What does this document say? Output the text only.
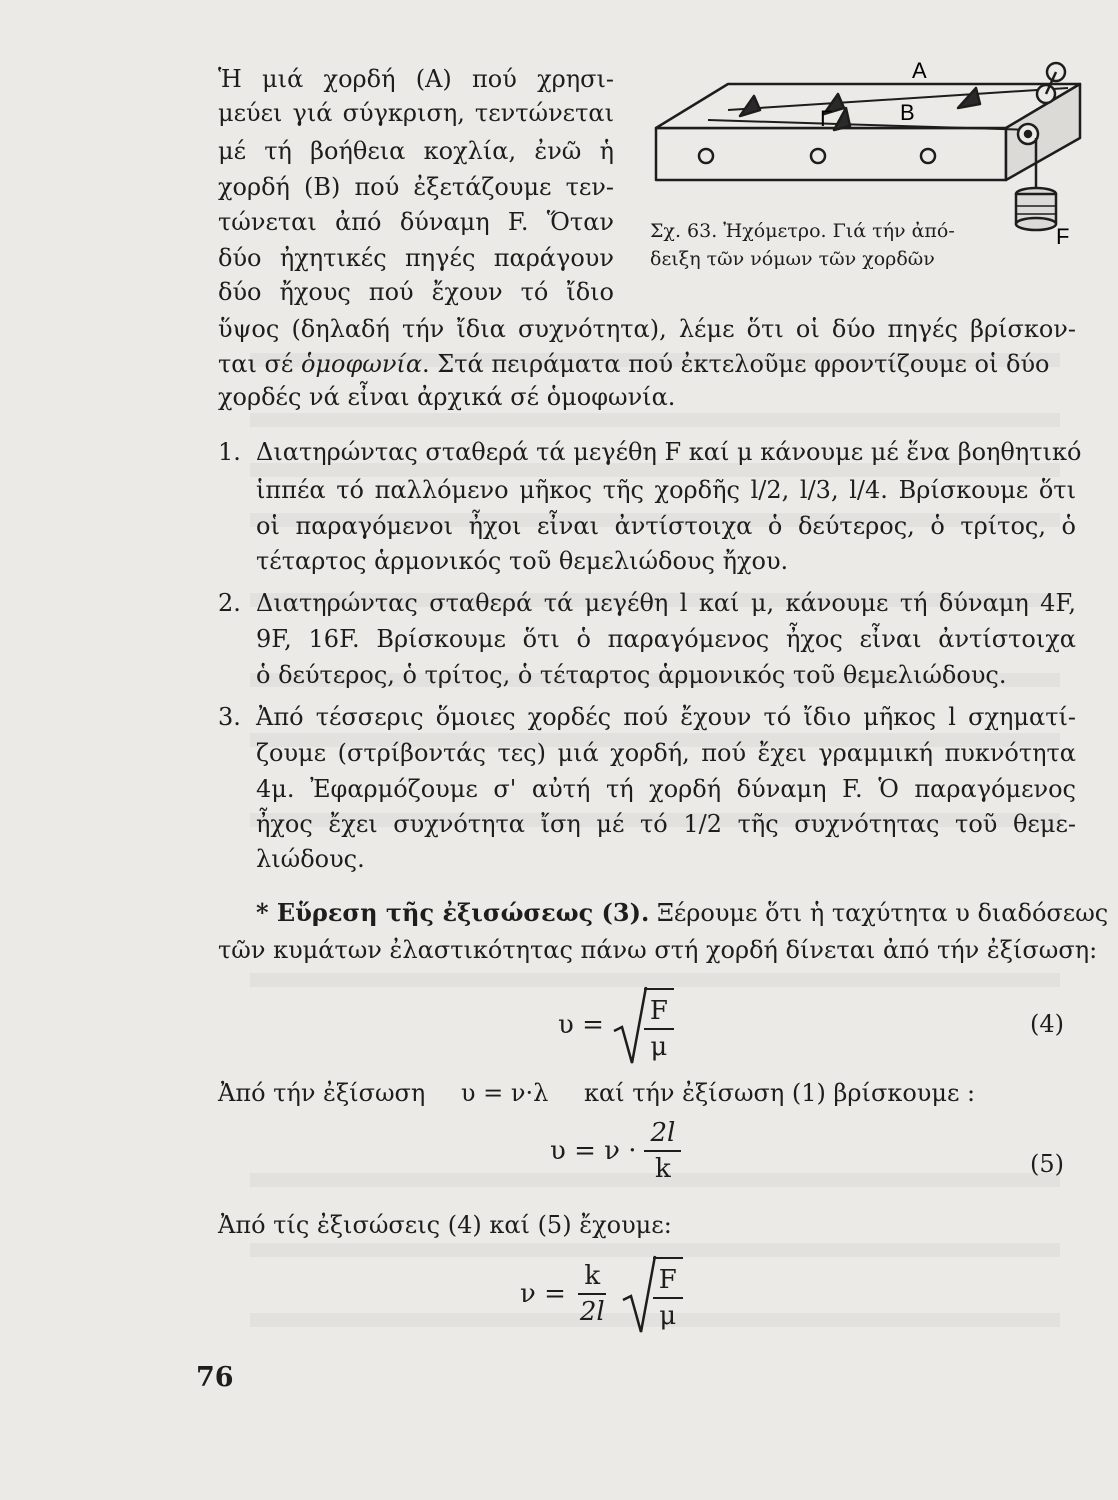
Ἡ μιά χορδή (Α) πού χρησι-
μεύει γιά σύγκριση, τεντώνεται
μέ τή βοήθεια κοχλία, ἐνῶ ἡ
χορδή (Β) πού ἐξετάζουμε τεν-
τώνεται ἀπό δύναμη F. Ὅταν
δύο ἠχητικές πηγές παράγουν
δύο ἤχους πού ἔχουν τό ἴδιο
ὕψος (δηλαδή τήν ἴδια συχνότητα), λέμε ὅτι οἱ δύο πηγές βρίσκον-
ται σέ ὁμοφωνία. Στά πειράματα πού ἐκτελοῦμε φροντίζουμε οἱ δύο
χορδές νά εἶναι ἀρχικά σέ ὁμοφωνία.
A
B
Γ
F
Σχ. 63. Ἠχόμετρο. Γιά τήν ἀπό-
δειξη τῶν νόμων τῶν χορδῶν
1. Διατηρώντας σταθερά τά μεγέθη F καί μ κάνουμε μέ ἕνα βοηθητικό
ἱππέα τό παλλόμενο μῆκος τῆς χορδῆς l/2, l/3, l/4. Βρίσκουμε ὅτι
οἱ παραγόμενοι ἦχοι εἶναι ἀντίστοιχα ὁ δεύτερος, ὁ τρίτος, ὁ
τέταρτος ἁρμονικός τοῦ θεμελιώδους ἤχου.
2. Διατηρώντας σταθερά τά μεγέθη l καί μ, κάνουμε τή δύναμη 4F,
9F, 16F. Βρίσκουμε ὅτι ὁ παραγόμενος ἦχος εἶναι ἀντίστοιχα
ὁ δεύτερος, ὁ τρίτος, ὁ τέταρτος ἁρμονικός τοῦ θεμελιώδους.
3. Ἀπό τέσσερις ὅμοιες χορδές πού ἔχουν τό ἴδιο μῆκος l σχηματί-
ζουμε (στρίβοντάς τες) μιά χορδή, πού ἔχει γραμμική πυκνότητα
4μ. Ἐφαρμόζουμε σ' αὐτή τή χορδή δύναμη F. Ὁ παραγόμενος
ἦχος ἔχει συχνότητα ἴση μέ τό 1/2 τῆς συχνότητας τοῦ θεμε-
λιώδους.
* Εὕρεση τῆς ἐξισώσεως (3). Ξέρουμε ὅτι ἡ ταχύτητα υ διαδόσεως
τῶν κυμάτων ἐλαστικότητας πάνω στή χορδή δίνεται ἀπό τήν ἐξίσωση:
$\upsilon = \frac{F}{\mu}$	(4)
Ἀπό τήν ἐξίσωση υ = ν·λ καί τήν ἐξίσωση (1) βρίσκουμε :
$\upsilon = \nu \cdot \frac{2l}{k}$	(5)
Ἀπό τίς ἐξισώσεις (4) καί (5) ἔχουμε:
$\nu = \frac{k}{2l} \frac{F}{\mu}$
76
